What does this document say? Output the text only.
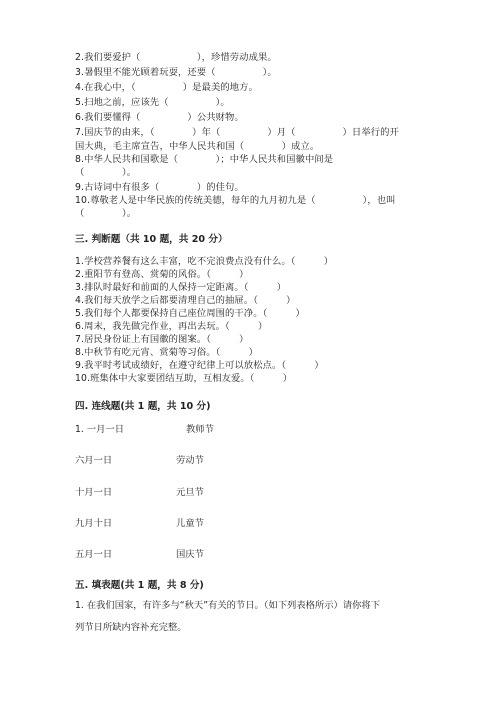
2.我们要爱护（　　　　　　），珍惜劳动成果。
3.暑假里不能光顾着玩耍，还要（　　　　　）。
4.在我心中，（　　　　　）是最美的地方。
5.扫地之前，应该先（　　　　　）。
6.我们要懂得（　　　　　）公共财物。
7.国庆节的由来，（　　　　）年（　　　　　）月（　　　　　）日举行的开
国大典，毛主席宣告，中华人民共和国（　　　　）成立。
8.中华人民共和国歌是（　　　　）；中华人民共和国徽中间是
（　　　　）。
9.古诗词中有很多（　　　　）的佳句。
10.尊敬老人是中华民族的传统美德，每年的九月初九是（　　　　　），也叫
（　　　　）。
三. 判断题（共 10 题，共 20 分）
1.学校营养餐有这么丰富，吃不完浪费点没有什么。（　　　）
2.重阳节有登高、赏菊的风俗。（　　　）
3.排队时最好和前面的人保持一定距离。（　　　）
4.我们每天放学之后都要清理自己的抽屉。（　　　）
5.我们每个人都要保持自己座位周围的干净。（　　　）
6.周末，我先做完作业，再出去玩。（　　　）
7.居民身份证上有国徽的图案。（　　　）
8.中秋节有吃元宵、赏菊等习俗。（　　　）
9.我平时考试成绩好，在遵守纪律上可以放松点。（　　　）
10.班集体中大家要团结互助，互相友爱。（　　　）
四. 连线题(共 1 题，共 10 分)
1. 一月一日
六月一日
十月一日
九月十日
五月一日
教师节
劳动节
元旦节
儿童节
国庆节
五. 填表题(共 1 题，共 8 分)
1. 在我们国家，有许多与“秋天”有关的节日。（如下列表格所示）请你将下
列节日所缺内容补充完整。
